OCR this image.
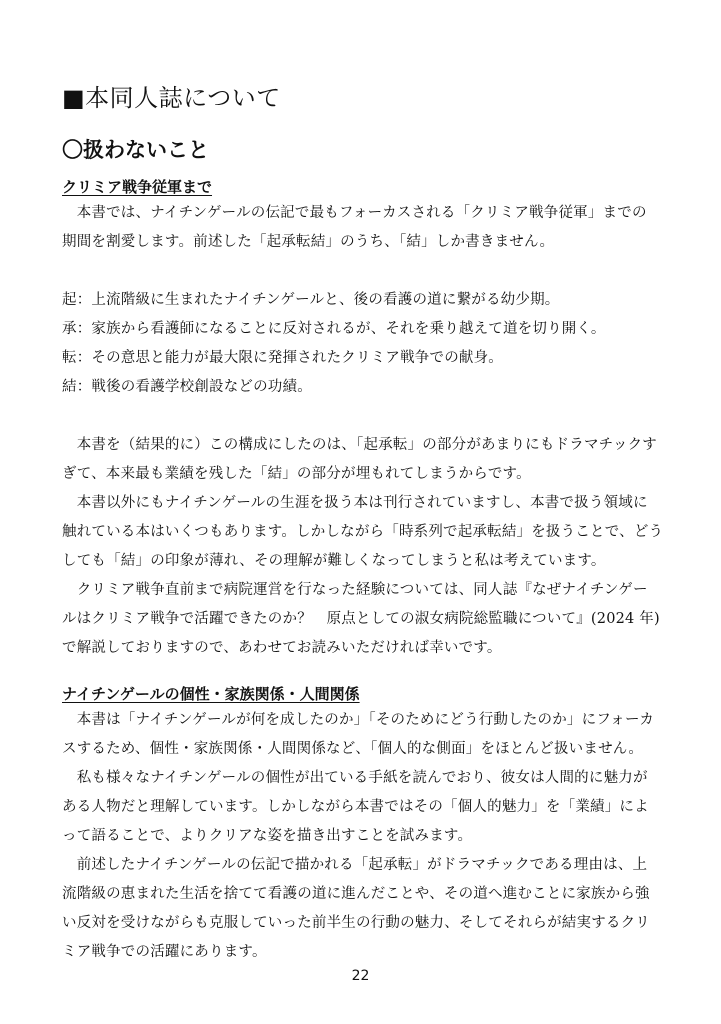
■本同人誌について
〇扱わないこと
クリミア戦争従軍まで
　本書では、ナイチンゲールの伝記で最もフォーカスされる「クリミア戦争従軍」までの
期間を割愛します。前述した「起承転結」のうち、「結」しか書きません。
起：上流階級に生まれたナイチンゲールと、後の看護の道に繋がる幼少期。
承：家族から看護師になることに反対されるが、それを乗り越えて道を切り開く。
転：その意思と能力が最大限に発揮されたクリミア戦争での献身。
結：戦後の看護学校創設などの功績。
　本書を（結果的に）この構成にしたのは、「起承転」の部分があまりにもドラマチックす
ぎて、本来最も業績を残した「結」の部分が埋もれてしまうからです。
　本書以外にもナイチンゲールの生涯を扱う本は刊行されていますし、本書で扱う領域に
触れている本はいくつもあります。しかしながら「時系列で起承転結」を扱うことで、どう
しても「結」の印象が薄れ、その理解が難しくなってしまうと私は考えています。
　クリミア戦争直前まで病院運営を行なった経験については、同人誌『なぜナイチンゲー
ルはクリミア戦争で活躍できたのか？　原点としての淑女病院総監職について』(2024 年)
で解説しておりますので、あわせてお読みいただければ幸いです。
ナイチンゲールの個性・家族関係・人間関係
　本書は「ナイチンゲールが何を成したのか」「そのためにどう行動したのか」にフォーカ
スするため、個性・家族関係・人間関係など、「個人的な側面」をほとんど扱いません。
　私も様々なナイチンゲールの個性が出ている手紙を読んでおり、彼女は人間的に魅力が
ある人物だと理解しています。しかしながら本書ではその「個人的魅力」を「業績」によ
って語ることで、よりクリアな姿を描き出すことを試みます。
　前述したナイチンゲールの伝記で描かれる「起承転」がドラマチックである理由は、上
流階級の恵まれた生活を捨てて看護の道に進んだことや、その道へ進むことに家族から強
い反対を受けながらも克服していった前半生の行動の魅力、そしてそれらが結実するクリ
ミア戦争での活躍にあります。
22
